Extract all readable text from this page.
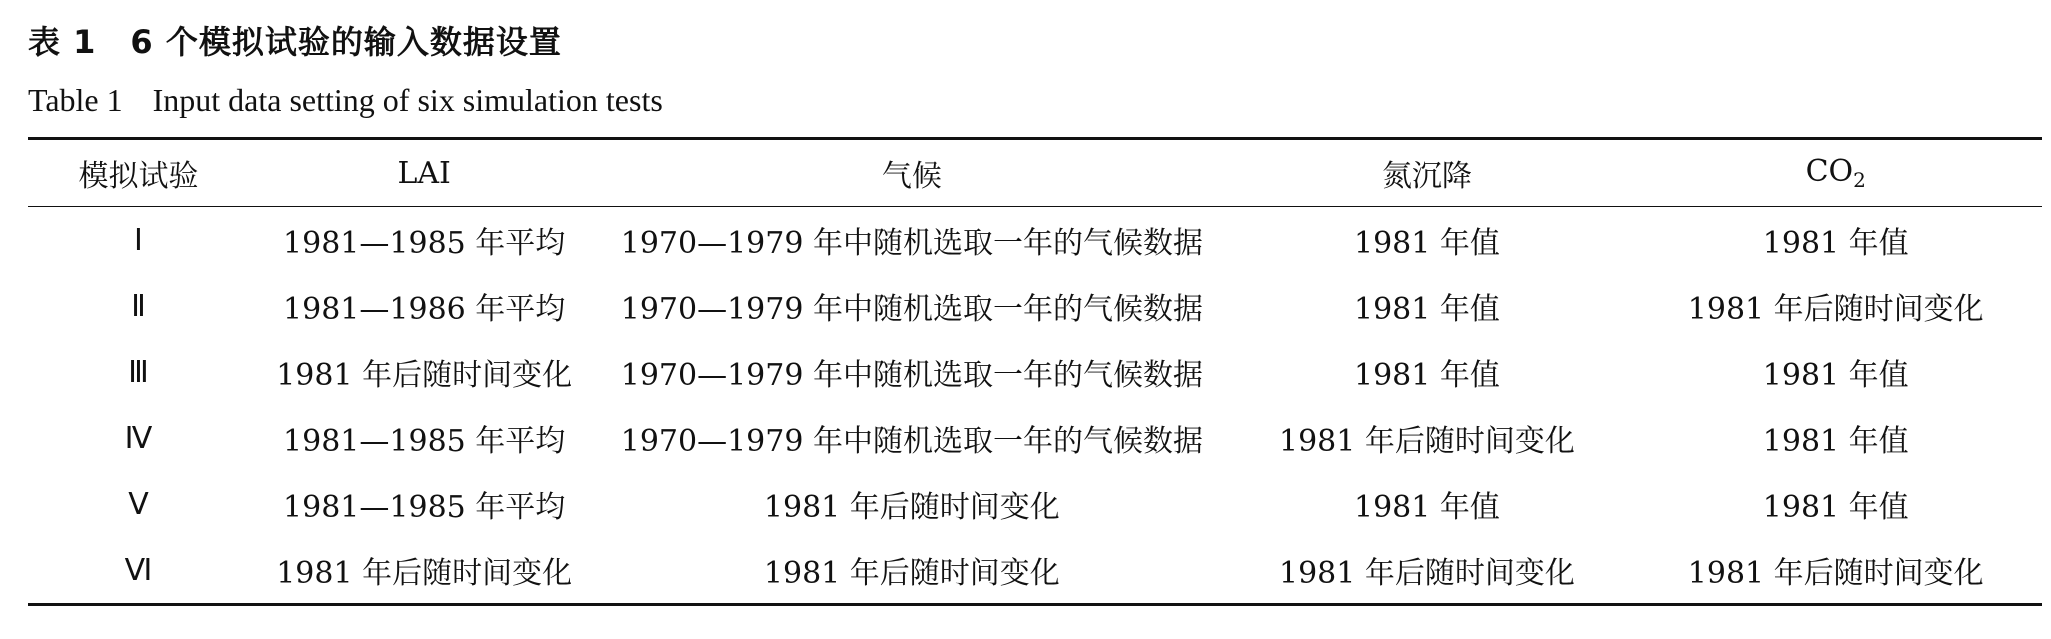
表 1 6 个模拟试验的输入数据设置
Table 1 Input data setting of six simulation tests
模拟试验	LAI	气候	氮沉降	$CO_2$
Ⅰ	1981—1985 年平均	1970—1979 年中随机选取一年的气候数据	1981 年值	1981 年值
Ⅱ	1981—1986 年平均	1970—1979 年中随机选取一年的气候数据	1981 年值	1981 年后随时间变化
Ⅲ	1981 年后随时间变化	1970—1979 年中随机选取一年的气候数据	1981 年值	1981 年值
Ⅳ	1981—1985 年平均	1970—1979 年中随机选取一年的气候数据	1981 年后随时间变化	1981 年值
Ⅴ	1981—1985 年平均	1981 年后随时间变化	1981 年值	1981 年值
Ⅵ	1981 年后随时间变化	1981 年后随时间变化	1981 年后随时间变化	1981 年后随时间变化
